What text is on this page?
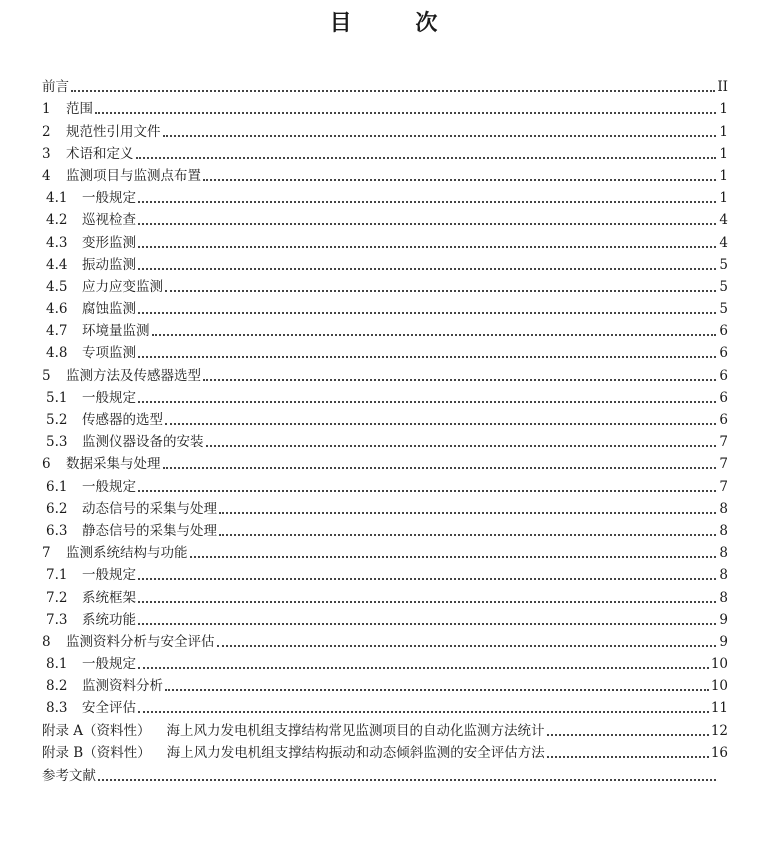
目 次
前言	II
1	范围	1
2	规范性引用文件	1
3	术语和定义	1
4	监测项目与监测点布置	1
4.1	一般规定	1
4.2	巡视检查	4
4.3	变形监测	4
4.4	振动监测	5
4.5	应力应变监测	5
4.6	腐蚀监测	5
4.7	环境量监测	6
4.8	专项监测	6
5	监测方法及传感器选型	6
5.1	一般规定	6
5.2	传感器的选型	6
5.3	监测仪器设备的安装	7
6	数据采集与处理	7
6.1	一般规定	7
6.2	动态信号的采集与处理	8
6.3	静态信号的采集与处理	8
7	监测系统结构与功能	8
7.1	一般规定	8
7.2	系统框架	8
7.3	系统功能	9
8	监测资料分析与安全评估	9
8.1	一般规定	10
8.2	监测资料分析	10
8.3	安全评估	11
附录 A（资料性） 海上风力发电机组支撑结构常见监测项目的自动化监测方法统计	12
附录 B（资料性） 海上风力发电机组支撑结构振动和动态倾斜监测的安全评估方法	16
参考文献
